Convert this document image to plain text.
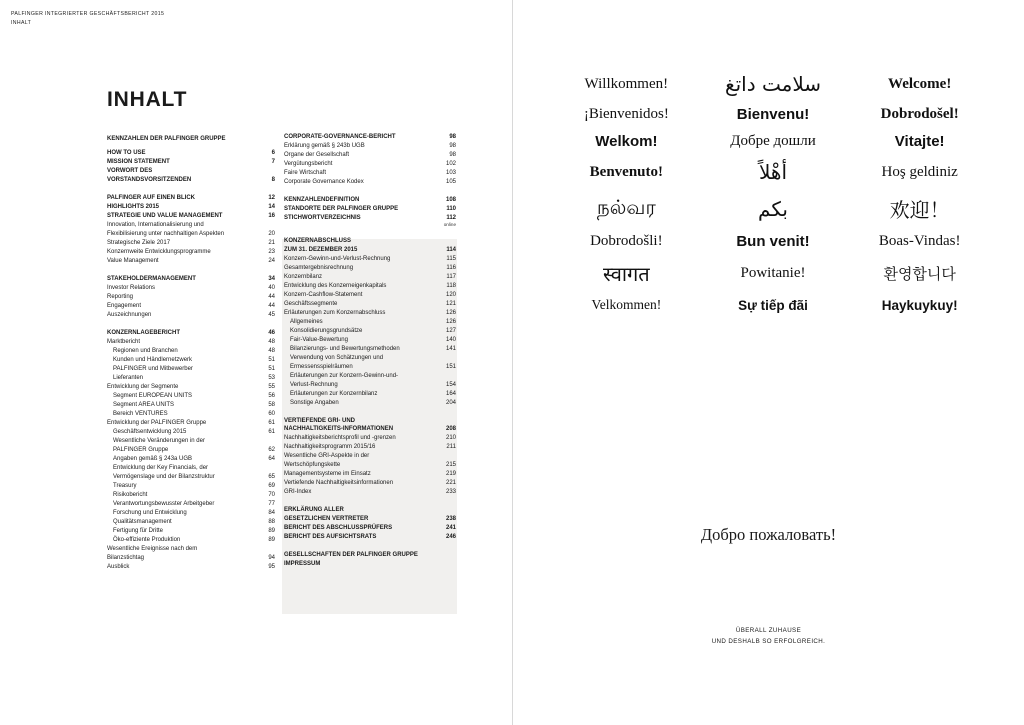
PALFINGER INTEGRIERTER GESCHÄFTSBERICHT 2015
INHALT
INHALT
KENNZAHLEN DER PALFINGER GRUPPE
HOW TO USE	6
MISSION STATEMENT	7
VORWORT DES
VORSTANDSVORSITZENDEN	8
PALFINGER AUF EINEN BLICK	12
HIGHLIGHTS 2015	14
STRATEGIE UND VALUE MANAGEMENT	16
Innovation, Internationalisierung und
Flexibilisierung unter nachhaltigen Aspekten	20
Strategische Ziele 2017	21
Konzernweite Entwicklungsprogramme	23
Value Management	24
STAKEHOLDERMANAGEMENT	34
Investor Relations	40
Reporting	44
Engagement	44
Auszeichnungen	45
KONZERNLAGEBERICHT	46
Marktbericht	48
Regionen und Branchen	48
Kunden und Händlernetzwerk	51
PALFINGER und Mitbewerber	51
Lieferanten	53
Entwicklung der Segmente	55
Segment EUROPEAN UNITS	56
Segment AREA UNITS	58
Bereich VENTURES	60
Entwicklung der PALFINGER Gruppe	61
Geschäftsentwicklung 2015	61
Wesentliche Veränderungen in der
PALFINGER Gruppe	62
Angaben gemäß § 243a UGB	64
Entwicklung der Key Financials, der
Vermögenslage und der Bilanzstruktur	65
Treasury	69
Risikobericht	70
Verantwortungsbewusster Arbeitgeber	77
Forschung und Entwicklung	84
Qualitätsmanagement	88
Fertigung für Dritte	89
Öko-effiziente Produktion	89
Wesentliche Ereignisse nach dem
Bilanzstichtag	94
Ausblick	95
CORPORATE-GOVERNANCE-BERICHT	98
Erklärung gemäß § 243b UGB	98
Organe der Gesellschaft	98
Vergütungsbericht	102
Faire Wirtschaft	103
Corporate Governance Kodex	105
KENNZAHLENDEFINITION	108
STANDORTE DER PALFINGER GRUPPE	110
STICHWORTVERZEICHNIS	112
online
KONZERNABSCHLUSS
ZUM 31. DEZEMBER 2015	114
Konzern-Gewinn-und-Verlust-Rechnung	115
Gesamtergebnisrechnung	116
Konzernbilanz	117
Entwicklung des Konzerneigenkapitals	118
Konzern-Cashflow-Statement	120
Geschäftssegmente	121
Erläuterungen zum Konzernabschluss	126
Allgemeines	126
Konsolidierungsgrundsätze	127
Fair-Value-Bewertung	140
Bilanzierungs- und Bewertungsmethoden	141
Verwendung von Schätzungen und
Ermessensspielräumen	151
Erläuterungen zur Konzern-Gewinn-und-
Verlust-Rechnung	154
Erläuterungen zur Konzernbilanz	164
Sonstige Angaben	204
VERTIEFENDE GRI- UND
NACHHALTIGKEITS-INFORMATIONEN	208
Nachhaltigkeitsberichtsprofil und -grenzen	210
Nachhaltigkeitsprogramm 2015/16	211
Wesentliche GRI-Aspekte in der
Wertschöpfungskette	215
Managementsysteme im Einsatz	219
Vertiefende Nachhaltigkeitsinformationen	221
GRI-Index	233
ERKLÄRUNG ALLER
GESETZLICHEN VERTRETER	238
BERICHT DES ABSCHLUSSPRÜFERS	241
BERICHT DES AUFSICHTSRATS	246
GESELLSCHAFTEN DER PALFINGER GRUPPE
IMPRESSUM
Willkommen!	سلامت داتغ	Welcome!
¡Bienvenidos!	Bienvenu!	Dobrodošel!
Welkom!	Добре дошли	Vitajte!
Benvenuto!	أهْلاً	Hoş geldiniz
நல்வர	بكم	欢迎！
Dobrodošli!	Bun venit!	Boas-Vindas!
स्वागत	Powitanie!	환영합니다
Velkommen!	Sự tiếp đãi	Haykuykuy!
Добро пожаловать!
ÜBERALL ZUHAUSE
UND DESHALB SO ERFOLGREICH.
